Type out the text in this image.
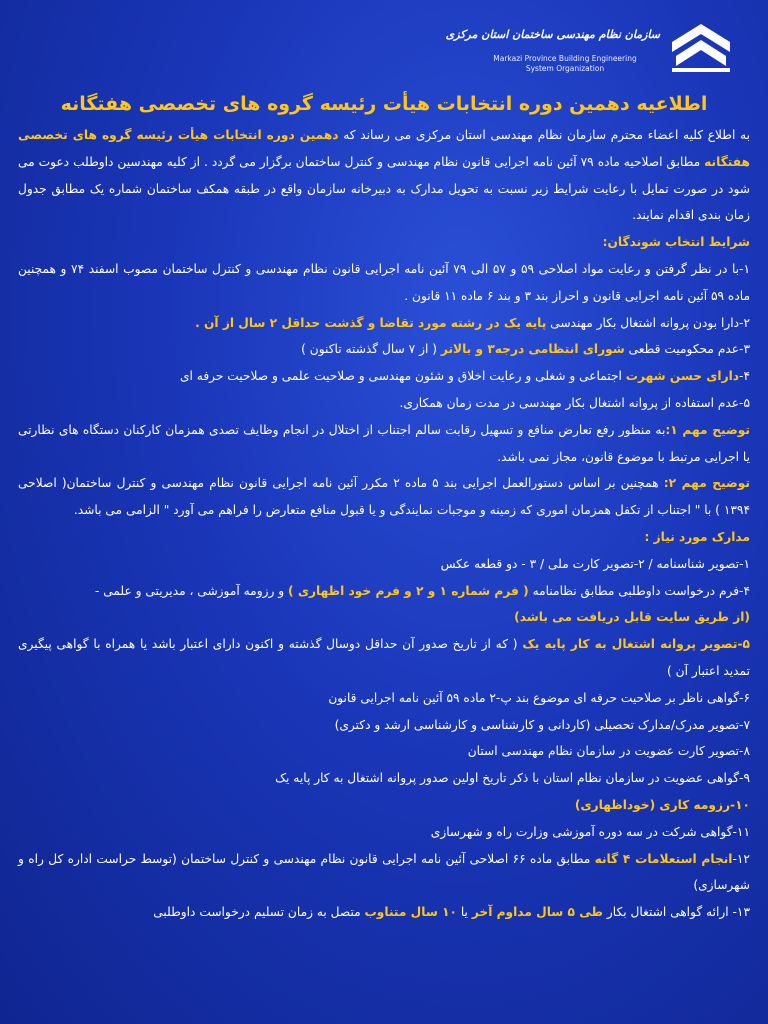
سازمان نظام مهندسی ساختمان استان مرکزی
Markazi Province Building Engineering
System Organization
اطلاعیه دهمین دوره انتخابات هیأت رئیسه گروه های تخصصی هفتگانه

به اطلاع کلیه اعضاء محترم سازمان نظام مهندسی استان مرکزی می رساند که دهمین دوره انتخابات هیأت رئیسه گروه های تخصصی هفتگانه مطابق اصلاحیه ماده ۷۹ آئین نامه اجرایی قانون نظام مهندسی و کنترل ساختمان برگزار می گردد . از کلیه مهندسین داوطلب دعوت می شود در صورت تمایل با رعایت شرایط زیر نسبت به تحویل مدارک به دبیرخانه سازمان واقع در طبقه همکف ساختمان شماره یک مطابق جدول زمان بندی اقدام نمایند.

شرایط انتخاب شوندگان:

۱-با در نظر گرفتن و رعایت مواد اصلاحی ۵۹ و ۵۷ الی ۷۹ آئین نامه اجرایی قانون نظام مهندسی و کنترل ساختمان مصوب اسفند ۷۴ و همچنین ماده ۵۹ آئین نامه اجرایی قانون و احراز بند ۳ و بند ۶ ماده ۱۱ قانون .

۲-دارا بودن پروانه اشتغال بکار مهندسی پایه یک در رشته مورد تقاضا و گذشت حداقل ۲ سال از آن .

۳-عدم محکومیت قطعی شورای انتظامی درجه۳ و بالاتر ( از ۷ سال گذشته تاکنون )

۴-دارای حسن شهرت اجتماعی و شغلی و رعایت اخلاق و شئون مهندسی و صلاحیت علمی و صلاحیت حرفه ای

۵-عدم استفاده از پروانه اشتغال بکار مهندسی در مدت زمان همکاری.

توضیح مهم ۱:به منظور رفع تعارض منافع و تسهیل رقابت سالم اجتناب از اختلال در انجام وظایف تصدی همزمان کارکنان دستگاه های نظارتی یا اجرایی مرتبط با موضوع قانون، مجاز نمی باشد.

توضیح مهم ۲: همچنین بر اساس دستورالعمل اجرایی بند ۵ ماده ۲ مکرر آئین نامه اجرایی قانون نظام مهندسی و کنترل ساختمان( اصلاحی ۱۳۹۴ ) با " اجتناب از تکفل همزمان اموری که زمینه و موجبات نمایندگی و یا قبول منافع متعارض را فراهم می آورد " الزامی می باشد.

مدارک مورد نیاز :

۱-تصویر شناسنامه / ۲-تصویر کارت ملی / ۳ - دو قطعه عکس

۴-فرم درخواست داوطلبی مطابق نظامنامه ( فرم شماره ۱ و ۲ و فرم خود اظهاری ) و رزومه آموزشی ، مدیریتی و علمی -

(از طریق سایت قابل دریافت می باشد)

۵-تصویر پروانه اشتغال به کار پایه یک ( که از تاریخ صدور آن حداقل دوسال گذشته و اکنون دارای اعتبار باشد یا همراه با گواهی پیگیری تمدید اعتبار آن )

۶-گواهی ناظر بر صلاحیت حرفه ای موضوع بند پ-۲ ماده ۵۹ آئین نامه اجرایی قانون

۷-تصویر مدرک/مدارک تحصیلی (کاردانی و کارشناسی و کارشناسی ارشد و دکتری)

۸-تصویر کارت عضویت در سازمان نظام مهندسی استان

۹-گواهی عضویت در سازمان نظام استان با ذکر تاریخ اولین صدور پروانه اشتغال به کار پایه یک

۱۰-رزومه کاری (خوداظهاری)

۱۱-گواهی شرکت در سه دوره آموزشی وزارت راه و شهرسازی

۱۲-انجام استعلامات ۴ گانه مطابق ماده ۶۶ اصلاحی آئین نامه اجرایی قانون نظام مهندسی و کنترل ساختمان (توسط حراست اداره کل راه و شهرسازی)

۱۳- ارائه گواهی اشتغال بکار طی ۵ سال مداوم آخر یا ۱۰ سال متناوب متصل به زمان تسلیم درخواست داوطلبی
